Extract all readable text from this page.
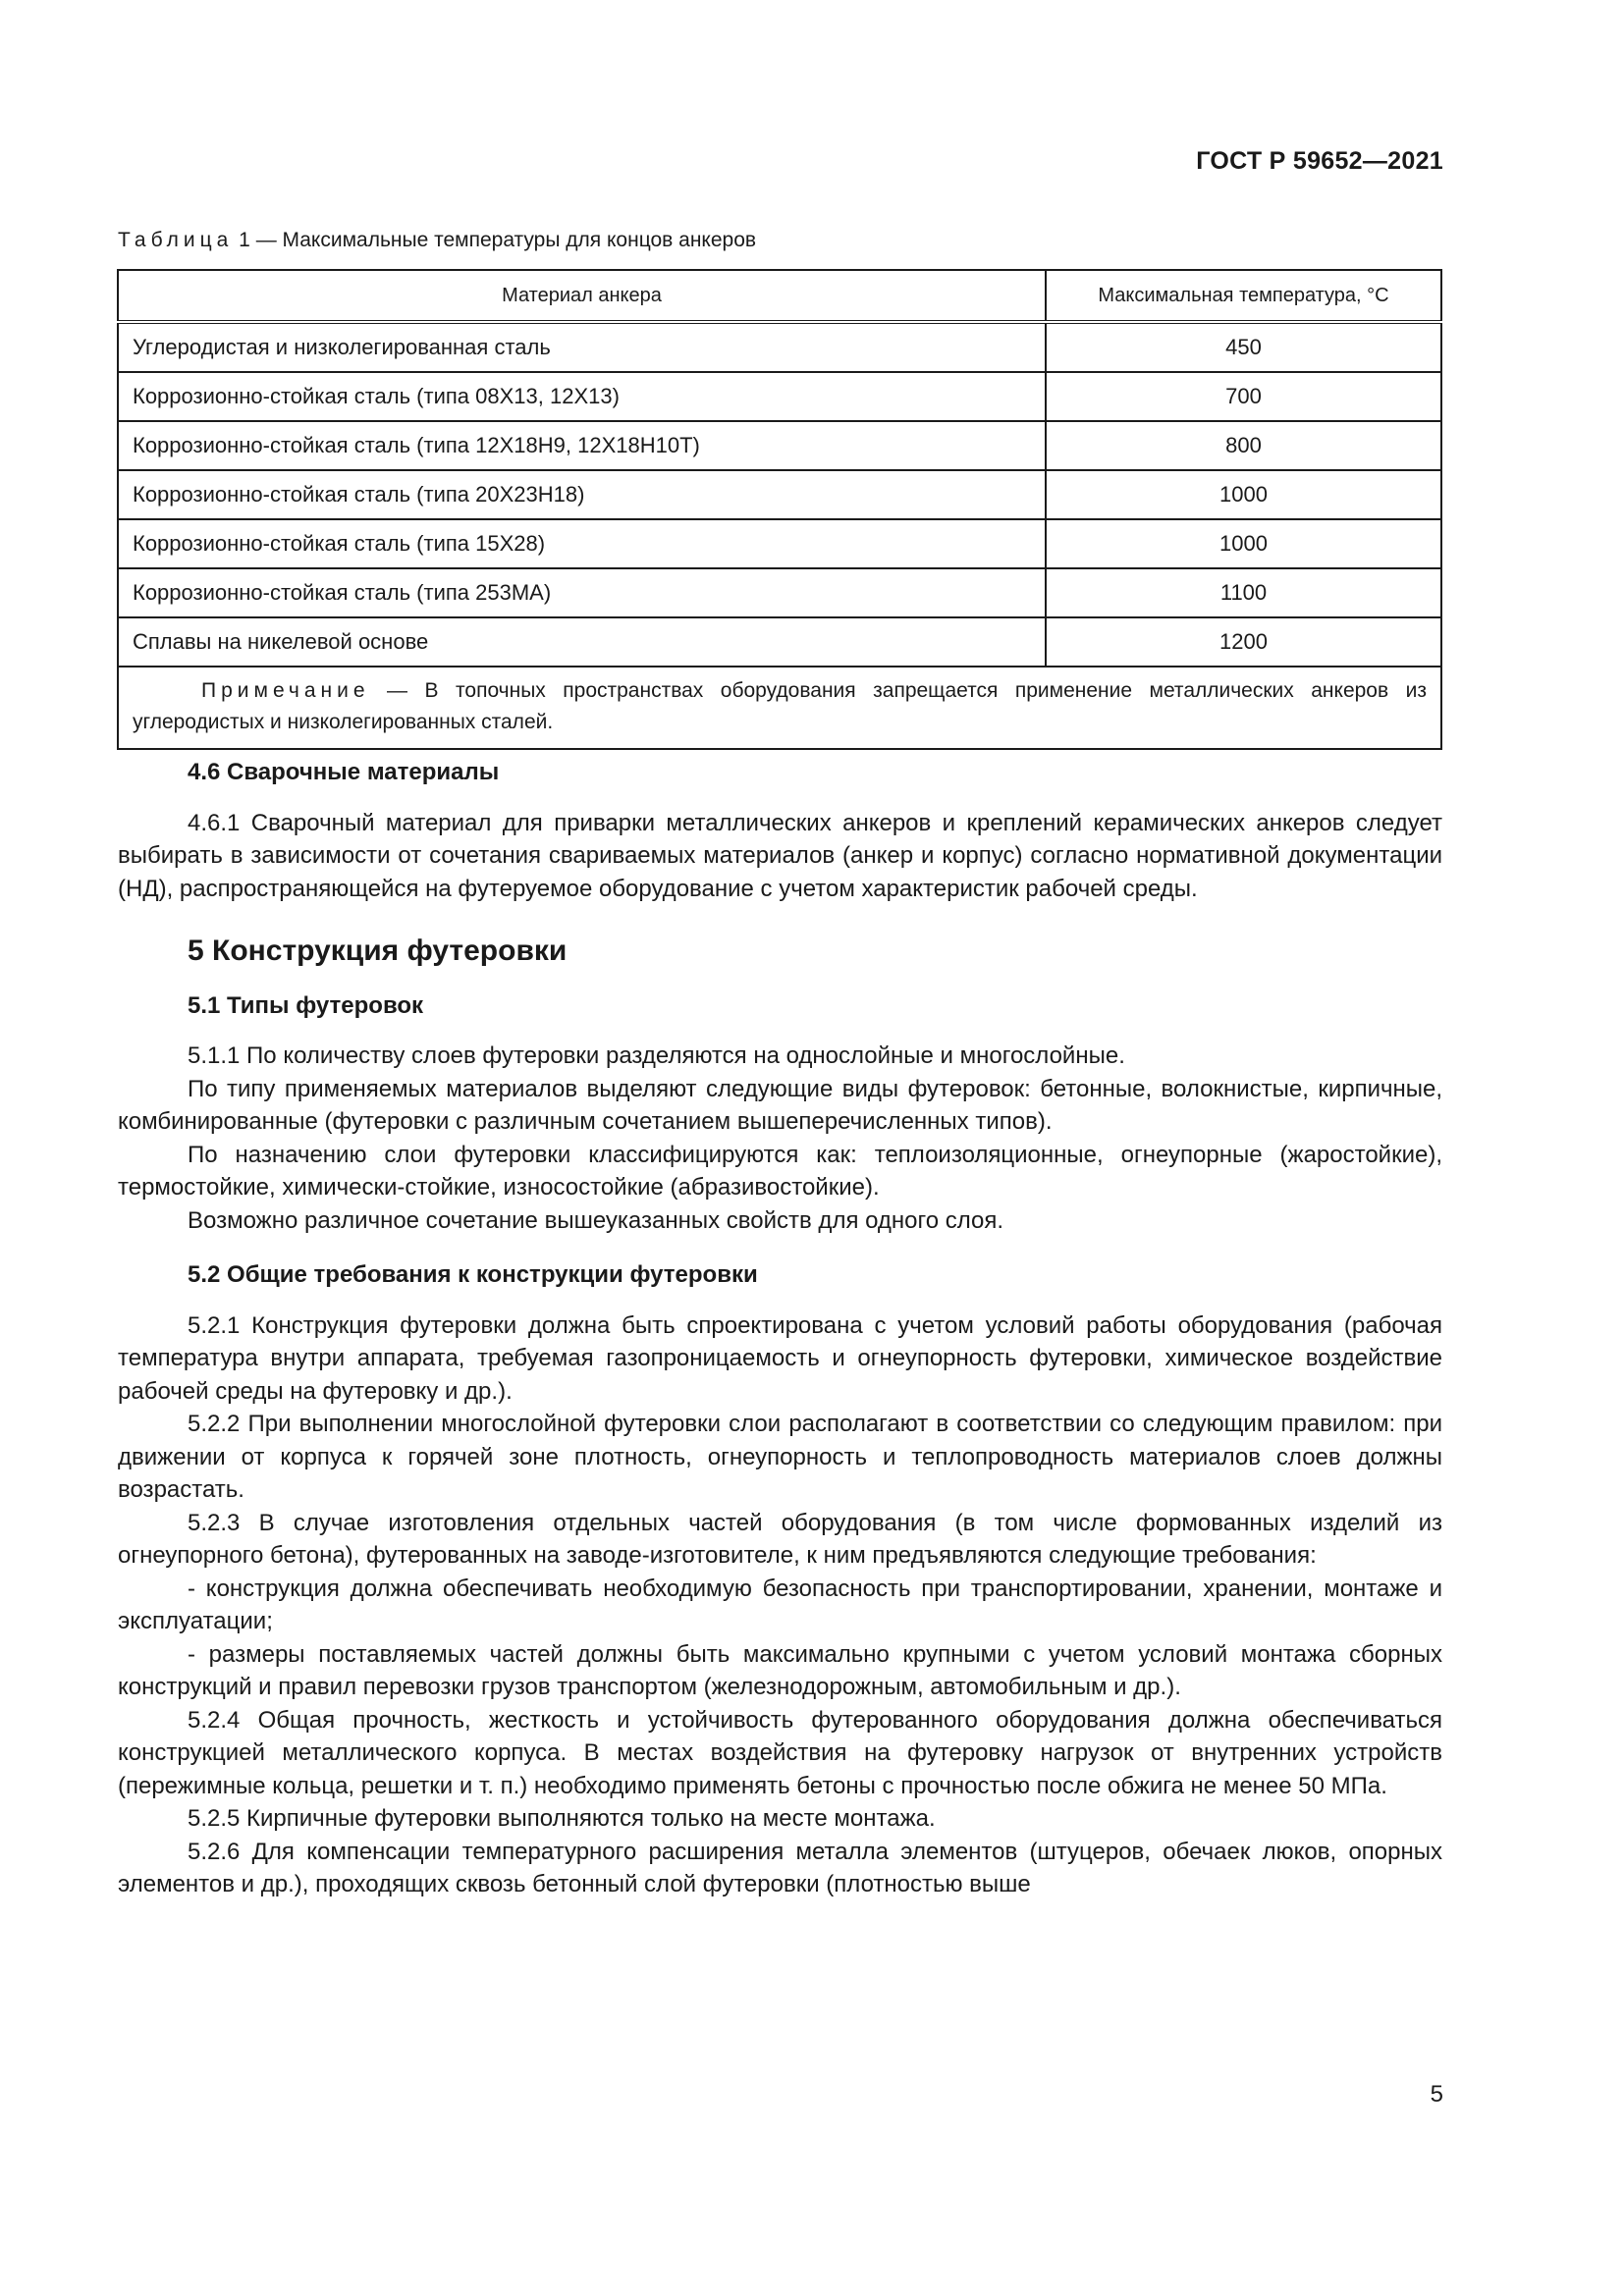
ГОСТ Р 59652—2021
Таблица 1 — Максимальные температуры для концов анкеров
Материал анкера	Максимальная температура, °C
Углеродистая и низколегированная сталь	450
Коррозионно-стойкая сталь (типа 08Х13, 12Х13)	700
Коррозионно-стойкая сталь (типа 12Х18Н9, 12Х18Н10Т)	800
Коррозионно-стойкая сталь (типа 20Х23Н18)	1000
Коррозионно-стойкая сталь (типа 15Х28)	1000
Коррозионно-стойкая сталь (типа 253МА)	1100
Сплавы на никелевой основе	1200
Примечание — В топочных пространствах оборудования запрещается применение металлических анкеров из углеродистых и низколегированных сталей.	
4.6 Сварочные материалы

4.6.1 Сварочный материал для приварки металлических анкеров и креплений керамических анкеров следует выбирать в зависимости от сочетания свариваемых материалов (анкер и корпус) согласно нормативной документации (НД), распространяющейся на футеруемое оборудование с учетом характеристик рабочей среды.

5 Конструкция футеровки
5.1 Типы футеровок

5.1.1 По количеству слоев футеровки разделяются на однослойные и многослойные.

По типу применяемых материалов выделяют следующие виды футеровок: бетонные, волокнистые, кирпичные, комбинированные (футеровки с различным сочетанием вышеперечисленных типов).

По назначению слои футеровки классифицируются как: теплоизоляционные, огнеупорные (жаростойкие), термостойкие, химически-стойкие, износостойкие (абразивостойкие).

Возможно различное сочетание вышеуказанных свойств для одного слоя.

5.2 Общие требования к конструкции футеровки

5.2.1 Конструкция футеровки должна быть спроектирована с учетом условий работы оборудования (рабочая температура внутри аппарата, требуемая газопроницаемость и огнеупорность футеровки, химическое воздействие рабочей среды на футеровку и др.).

5.2.2 При выполнении многослойной футеровки слои располагают в соответствии со следующим правилом: при движении от корпуса к горячей зоне плотность, огнеупорность и теплопроводность материалов слоев должны возрастать.

5.2.3 В случае изготовления отдельных частей оборудования (в том числе формованных изделий из огнеупорного бетона), футерованных на заводе-изготовителе, к ним предъявляются следующие требования:

- конструкция должна обеспечивать необходимую безопасность при транспортировании, хранении, монтаже и эксплуатации;

- размеры поставляемых частей должны быть максимально крупными с учетом условий монтажа сборных конструкций и правил перевозки грузов транспортом (железнодорожным, автомобильным и др.).

5.2.4 Общая прочность, жесткость и устойчивость футерованного оборудования должна обеспечиваться конструкцией металлического корпуса. В местах воздействия на футеровку нагрузок от внутренних устройств (пережимные кольца, решетки и т. п.) необходимо применять бетоны с прочностью после обжига не менее 50 МПа.

5.2.5 Кирпичные футеровки выполняются только на месте монтажа.

5.2.6 Для компенсации температурного расширения металла элементов (штуцеров, обечаек люков, опорных элементов и др.), проходящих сквозь бетонный слой футеровки (плотностью выше

5
